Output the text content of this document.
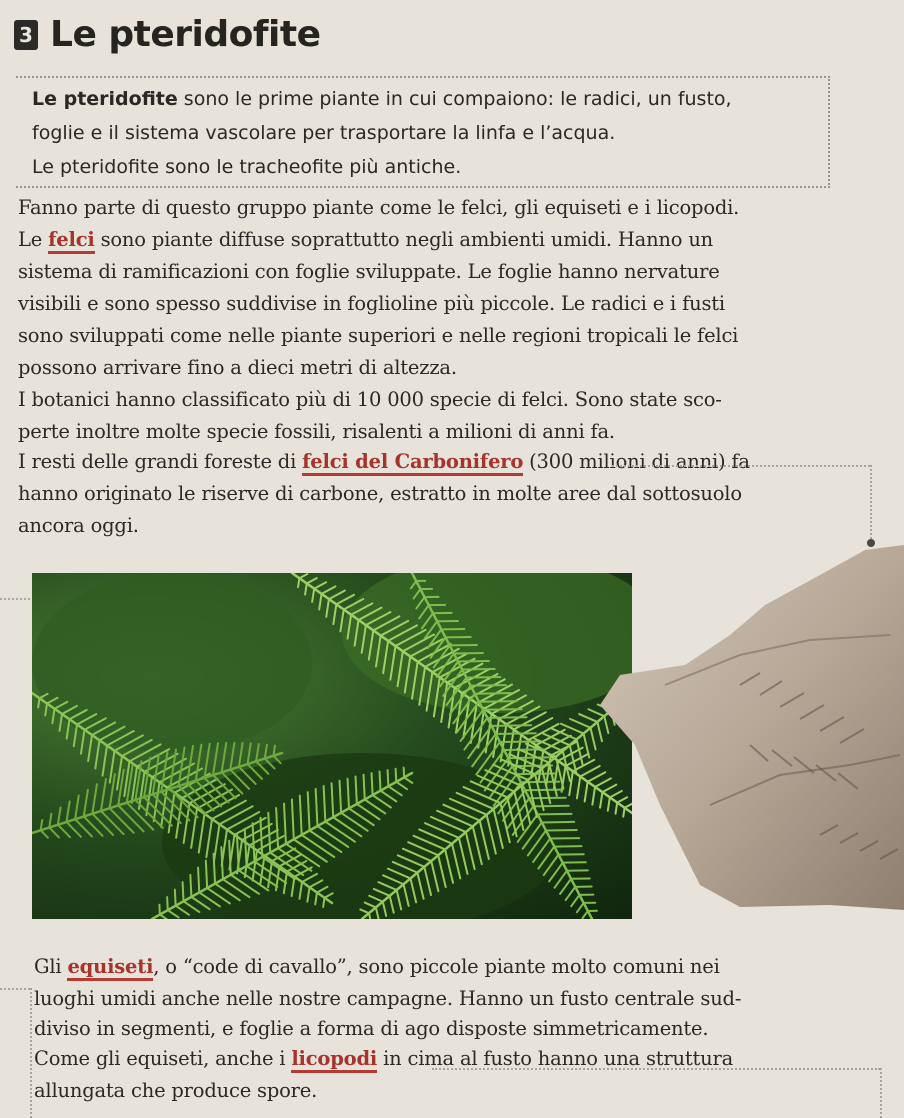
3 Le pteridofite
Le pteridofite sono le prime piante in cui compaiono: le radici, un fusto,
foglie e il sistema vascolare per trasportare la linfa e l’acqua.
Le pteridofite sono le tracheofite più antiche.
Fanno parte di questo gruppo piante come le felci, gli equiseti e i licopodi.
Le felci sono piante diffuse soprattutto negli ambienti umidi. Hanno un
sistema di ramificazioni con foglie sviluppate. Le foglie hanno nervature
visibili e sono spesso suddivise in foglioline più piccole. Le radici e i fusti
sono sviluppati come nelle piante superiori e nelle regioni tropicali le felci
possono arrivare fino a dieci metri di altezza.
I botanici hanno classificato più di 10 000 specie di felci. Sono state sco-
perte inoltre molte specie fossili, risalenti a milioni di anni fa.
I resti delle grandi foreste di felci del Carbonifero (300 milioni di anni) fa
hanno originato le riserve di carbone, estratto in molte aree dal sottosuolo
ancora oggi.
Gli equiseti, o “code di cavallo”, sono piccole piante molto comuni nei
luoghi umidi anche nelle nostre campagne. Hanno un fusto centrale sud-
diviso in segmenti, e foglie a forma di ago disposte simmetricamente.
Come gli equiseti, anche i licopodi in cima al fusto hanno una struttura
allungata che produce spore.
